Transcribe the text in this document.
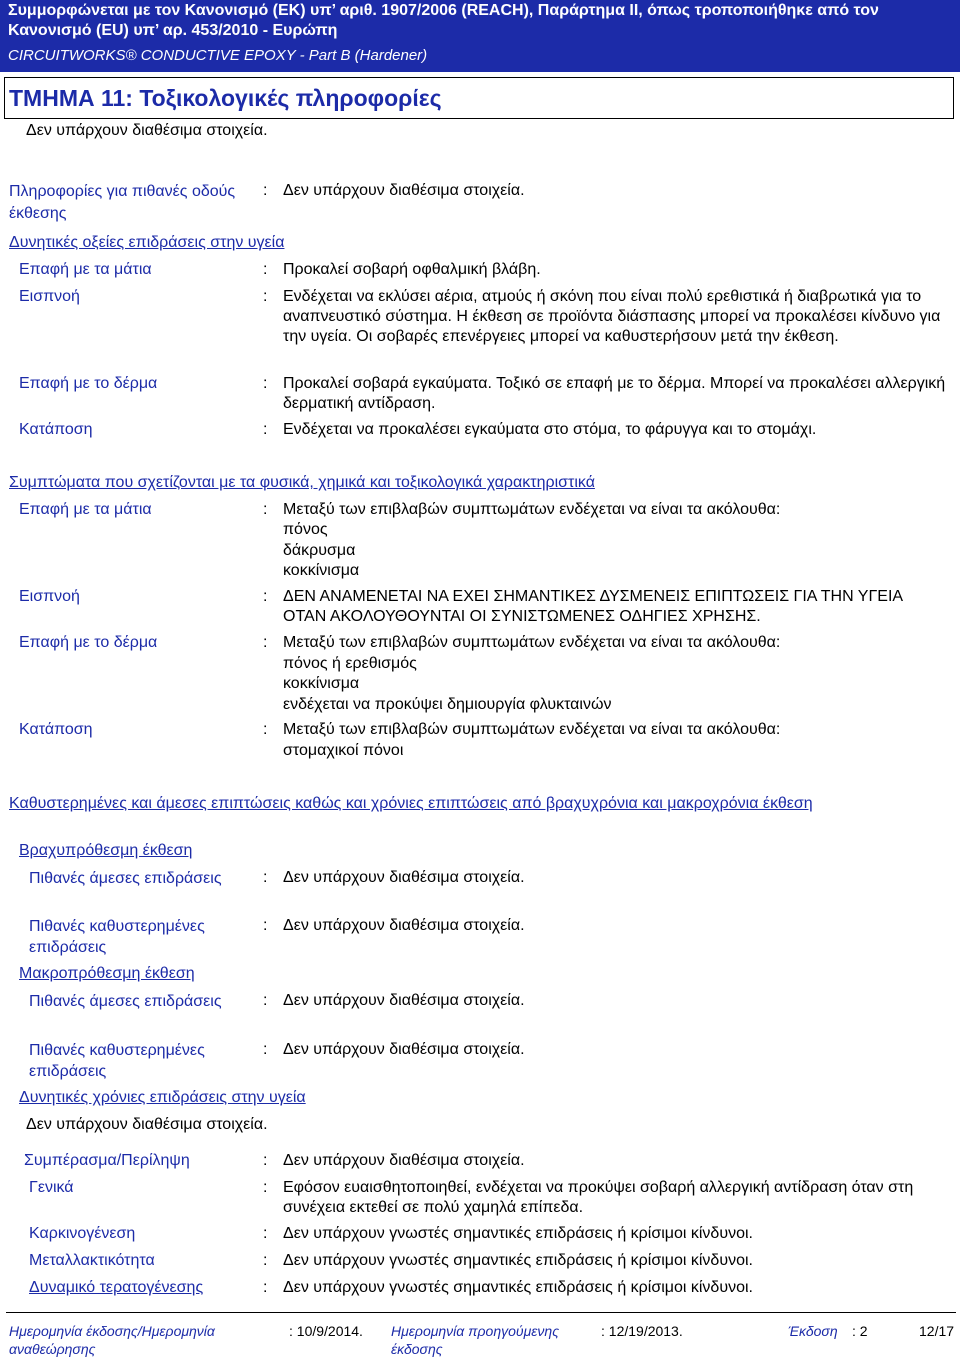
Συμμορφώνεται με τον Κανονισμό (ΕΚ) υπ’ αριθ. 1907/2006 (REACH), Παράρτημα ΙΙ, όπως τροποποιήθηκε από τον Κανονισμό (ΕU) υπ’ αρ. 453/2010 - Ευρώπη
CIRCUITWORKS® CONDUCTIVE EPOXY - Part B (Hardener)
ΤΜΗΜΑ 11: Τοξικολογικές πληροφορίες
Δεν υπάρχουν διαθέσιμα στοιχεία.
Πληροφορίες για πιθανές οδούς έκθεσης
: Δεν υπάρχουν διαθέσιμα στοιχεία.
Δυνητικές οξείες επιδράσεις στην υγεία
Επαφή με τα μάτια	: Προκαλεί σοβαρή οφθαλμική βλάβη.
Εισπνοή	: Ενδέχεται να εκλύσει αέρια, ατμούς ή σκόνη που είναι πολύ ερεθιστικά ή διαβρωτικά για το αναπνευστικό σύστημα. Η έκθεση σε προϊόντα διάσπασης μπορεί να προκαλέσει κίνδυνο για την υγεία. Οι σοβαρές επενέργειες μπορεί να καθυστερήσουν μετά την έκθεση.
Επαφή με το δέρμα	: Προκαλεί σοβαρά εγκαύματα. Τοξικό σε επαφή με το δέρμα. Μπορεί να προκαλέσει αλλεργική δερματική αντίδραση.
Κατάποση	: Ενδέχεται να προκαλέσει εγκαύματα στο στόμα, το φάρυγγα και το στομάχι.
Συμπτώματα που σχετίζονται με τα φυσικά, χημικά και τοξικολογικά χαρακτηριστικά
Επαφή με τα μάτια	: Μεταξύ των επιβλαβών συμπτωμάτων ενδέχεται να είναι τα ακόλουθα:
πόνος
δάκρυσμα
κοκκίνισμα
Εισπνοή	: ΔΕΝ ΑΝΑΜΕΝΕΤΑΙ ΝΑ ΕΧΕΙ ΣΗΜΑΝΤΙΚΕΣ ΔΥΣΜΕΝΕΙΣ ΕΠΙΠΤΩΣΕΙΣ ΓΙΑ ΤΗΝ ΥΓΕΙΑ ΟΤΑΝ ΑΚΟΛΟΥΘΟΥΝΤΑΙ ΟΙ ΣΥΝΙΣΤΩΜΕΝΕΣ ΟΔΗΓΙΕΣ ΧΡΗΣΗΣ.
Επαφή με το δέρμα	: Μεταξύ των επιβλαβών συμπτωμάτων ενδέχεται να είναι τα ακόλουθα:
πόνος ή ερεθισμός
κοκκίνισμα
ενδέχεται να προκύψει δημιουργία φλυκταινών
Κατάποση	: Μεταξύ των επιβλαβών συμπτωμάτων ενδέχεται να είναι τα ακόλουθα:
στομαχικοί πόνοι
Καθυστερημένες και άμεσες επιπτώσεις καθώς και χρόνιες επιπτώσεις από βραχυχρόνια και μακροχρόνια έκθεση
Βραχυπρόθεσμη έκθεση
Πιθανές άμεσες επιδράσεις	: Δεν υπάρχουν διαθέσιμα στοιχεία.
Πιθανές καθυστερημένες επιδράσεις
: Δεν υπάρχουν διαθέσιμα στοιχεία.
Μακροπρόθεσμη έκθεση
Πιθανές άμεσες επιδράσεις	: Δεν υπάρχουν διαθέσιμα στοιχεία.
Πιθανές καθυστερημένες επιδράσεις
: Δεν υπάρχουν διαθέσιμα στοιχεία.
Δυνητικές χρόνιες επιδράσεις στην υγεία
Δεν υπάρχουν διαθέσιμα στοιχεία.
Συμπέρασμα/Περίληψη	: Δεν υπάρχουν διαθέσιμα στοιχεία.
Γενικά	: Εφόσον ευαισθητοποιηθεί, ενδέχεται να προκύψει σοβαρή αλλεργική αντίδραση όταν στη συνέχεια εκτεθεί σε πολύ χαμηλά επίπεδα.
Καρκινογένεση	: Δεν υπάρχουν γνωστές σημαντικές επιδράσεις ή κρίσιμοι κίνδυνοι.
Μεταλλακτικότητα	: Δεν υπάρχουν γνωστές σημαντικές επιδράσεις ή κρίσιμοι κίνδυνοι.
Δυναμικό τερατογένεσης	: Δεν υπάρχουν γνωστές σημαντικές επιδράσεις ή κρίσιμοι κίνδυνοι.
Ημερομηνία έκδοσης/Ημερομηνία αναθεώρησης
: 10/9/2014. Ημερομηνία προηγούμενης έκδοσης
: 12/19/2013.	Έκδοση : 2	12/17
